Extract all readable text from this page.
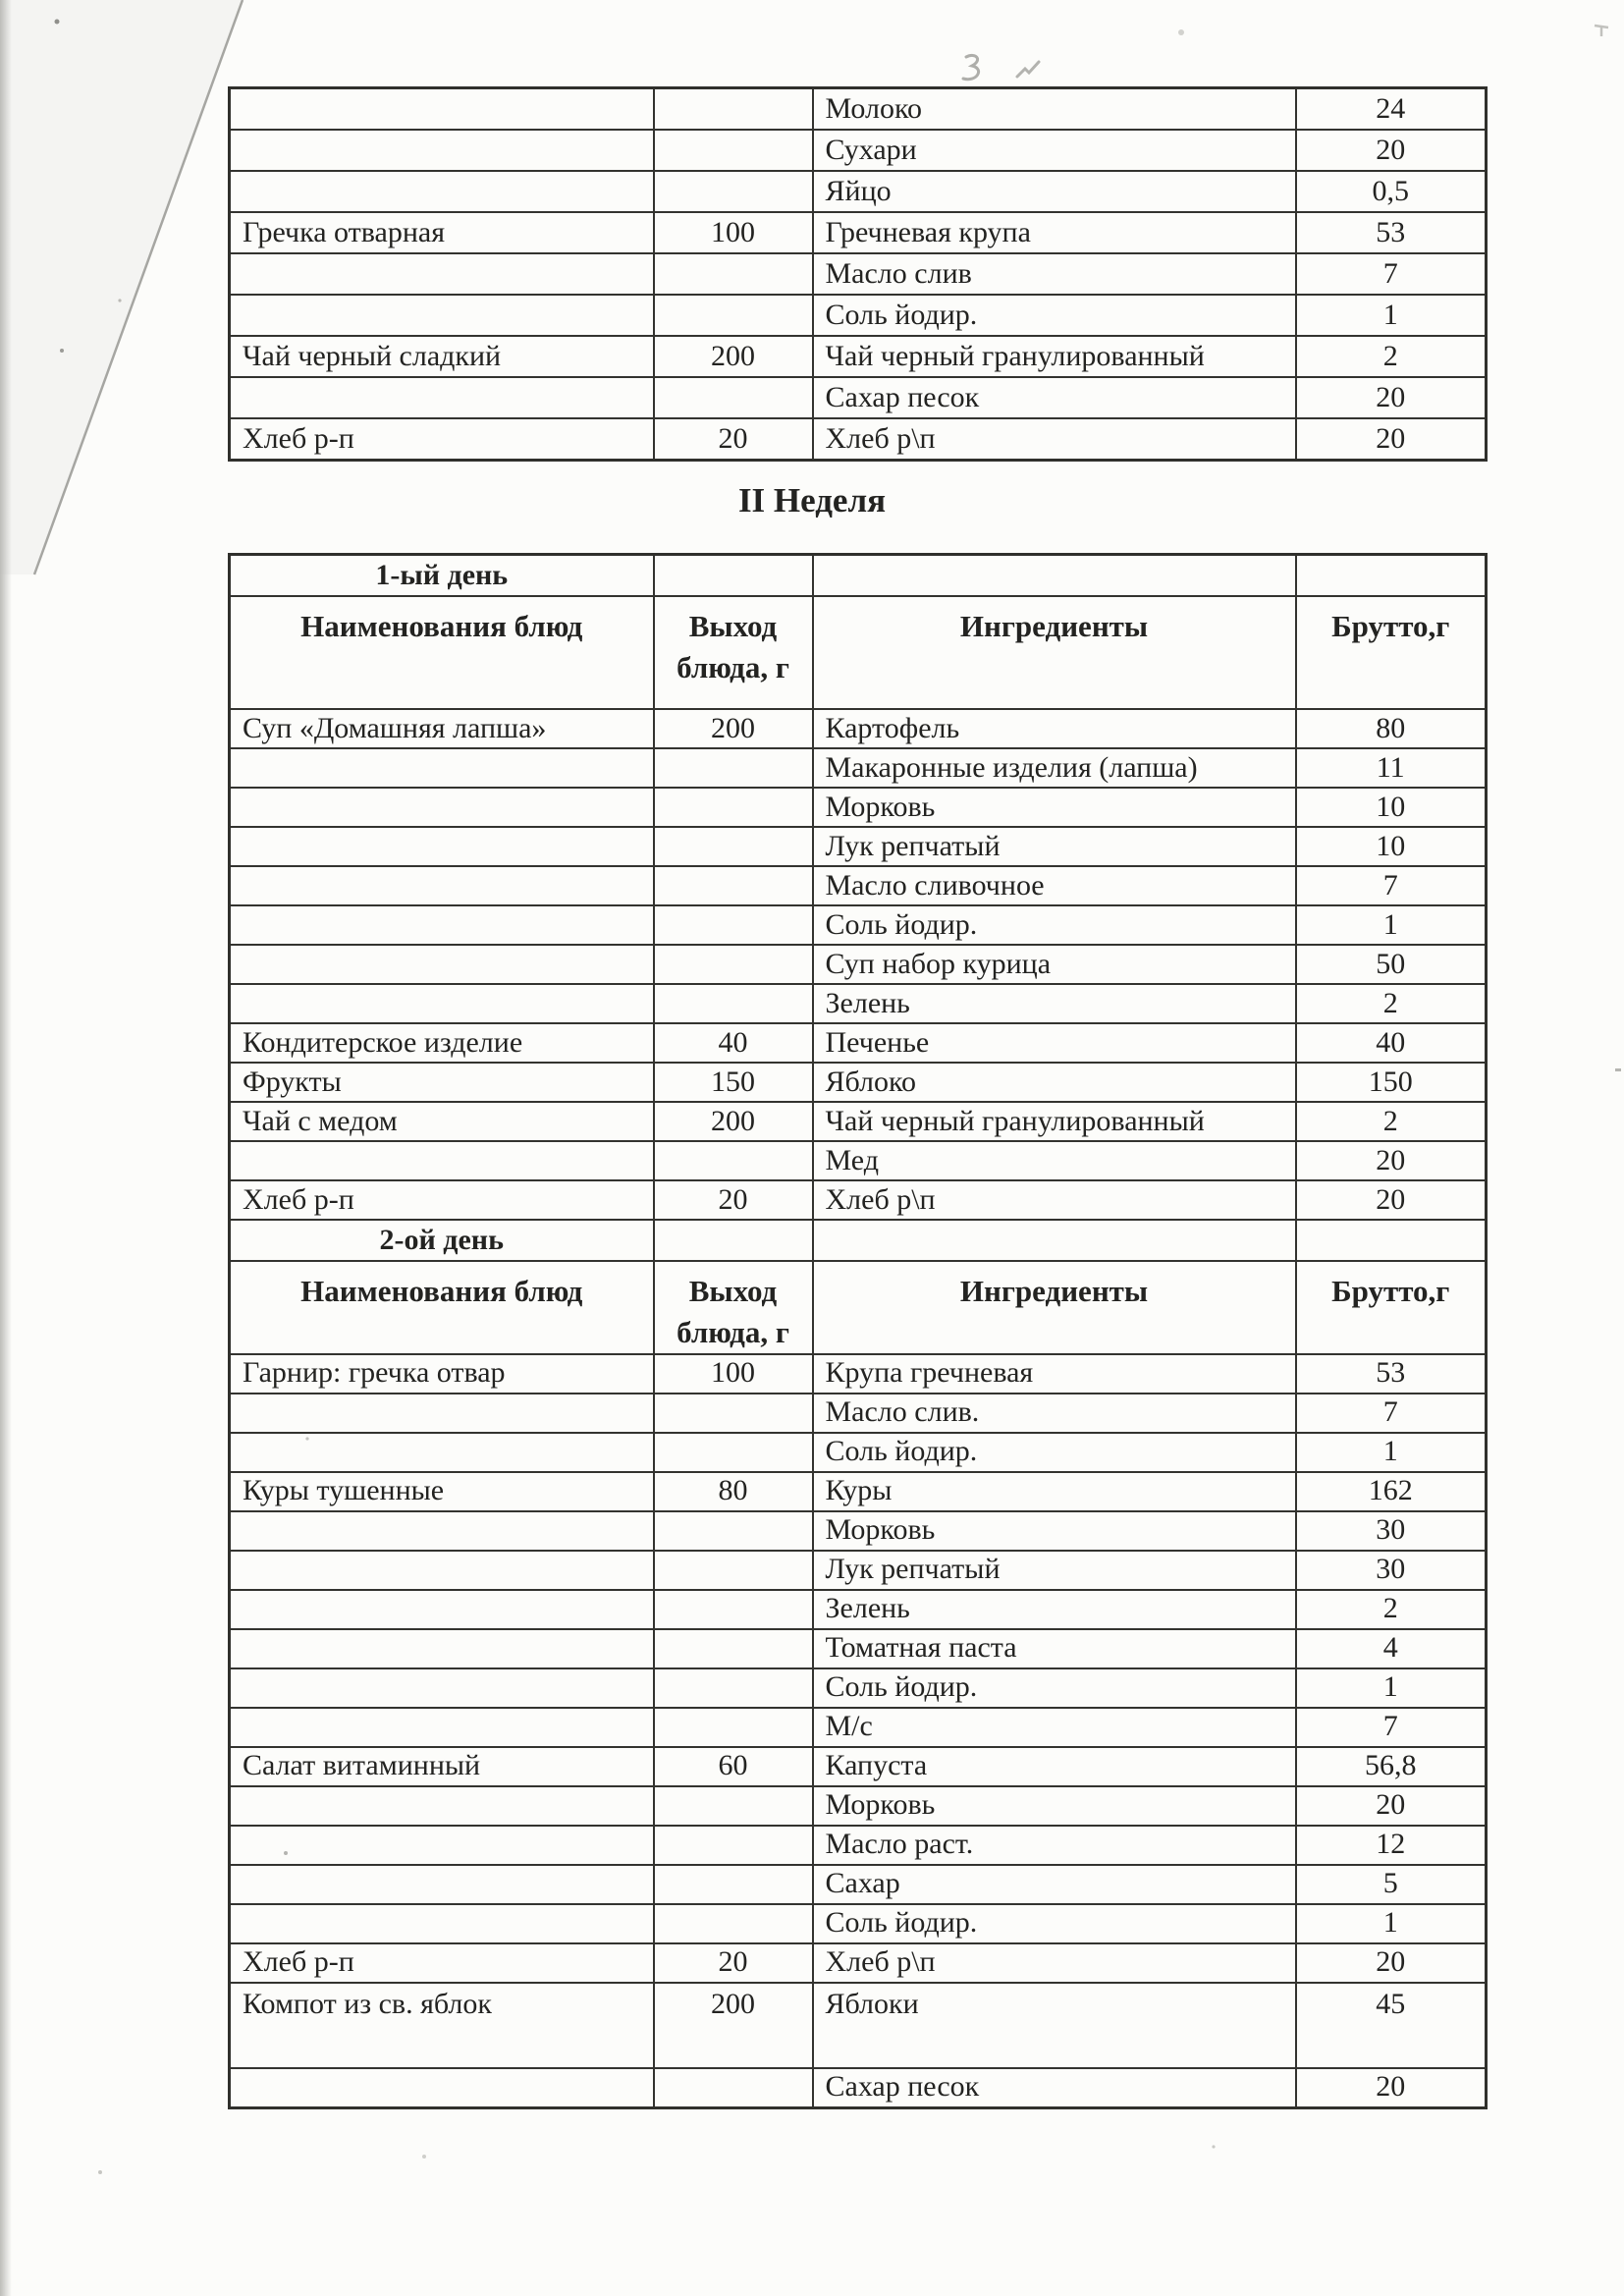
		Молоко	24
		Сухари	20
		Яйцо	0,5
Гречка отварная	100	Гречневая крупа	53
		Масло слив	7
		Соль йодир.	1
Чай черный сладкий	200	Чай черный гранулированный	2
		Сахар песок	20
Хлеб р-п	20	Хлеб р\п	20
II Неделя
1-ый день			
Наименования блюд	Выход блюда, г	Ингредиенты	Брутто,г
Суп «Домашняя лапша»	200	Картофель	80
		Макаронные изделия (лапша)	11
		Морковь	10
		Лук репчатый	10
		Масло сливочное	7
		Соль йодир.	1
		Суп набор курица	50
		Зелень	2
Кондитерское изделие	40	Печенье	40
Фрукты	150	Яблоко	150
Чай с медом	200	Чай черный гранулированный	2
		Мед	20
Хлеб р-п	20	Хлеб р\п	20
2-ой день			
Наименования блюд	Выход блюда, г	Ингредиенты	Брутто,г
Гарнир: гречка отвар	100	Крупа гречневая	53
		Масло слив.	7
		Соль йодир.	1
Куры тушенные	80	Куры	162
		Морковь	30
		Лук репчатый	30
		Зелень	2
		Томатная паста	4
		Соль йодир.	1
		М/с	7
Салат витаминный	60	Капуста	56,8
		Морковь	20
		Масло раст.	12
		Сахар	5
		Соль йодир.	1
Хлеб р-п	20	Хлеб р\п	20
Компот из св. яблок	200	Яблоки	45
		Сахар песок	20
